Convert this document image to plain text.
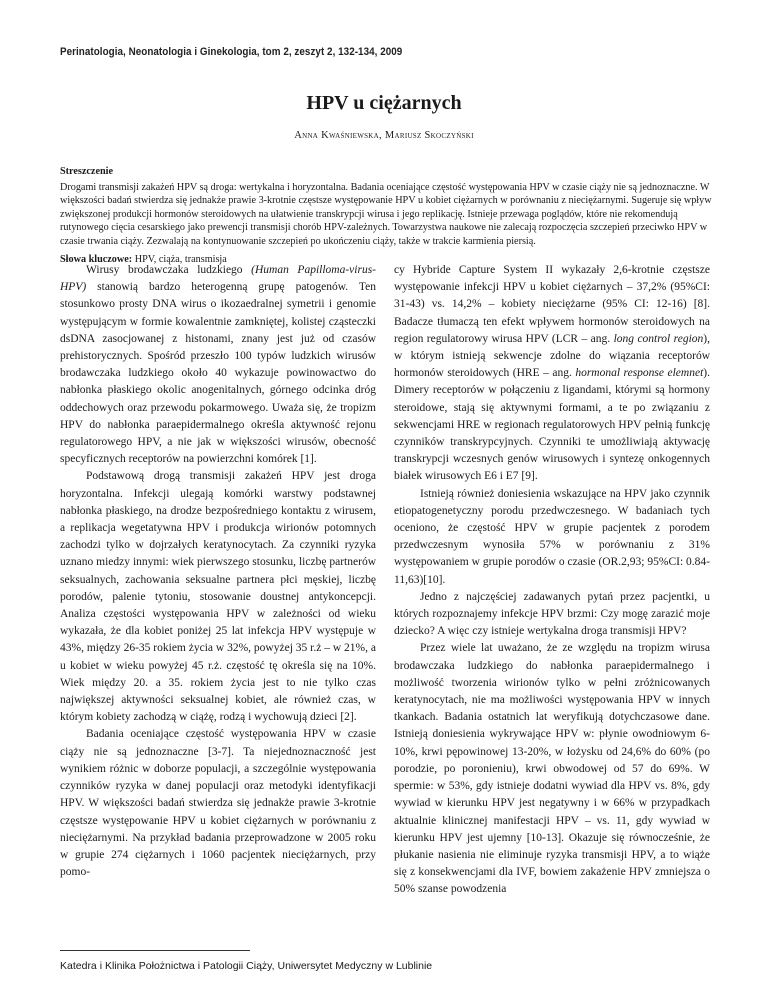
Perinatologia, Neonatologia i Ginekologia, tom 2, zeszyt 2, 132-134, 2009
HPV u ciężarnych
Anna Kwaśniewska, Mariusz Skoczyński
Streszczenie

Drogami transmisji zakażeń HPV są droga: wertykalna i horyzontalna. Badania oceniające częstość występowania HPV w czasie ciąży nie są jednoznaczne. W większości badań stwierdza się jednakże prawie 3-krotnie częstsze występowanie HPV u kobiet ciężarnych w porównaniu z nieciężarnymi. Sugeruje się wpływ zwiększonej produkcji hormonów steroidowych na ułatwienie transkrypcji wirusa i jego replikację. Istnieje przewaga poglądów, które nie rekomendują rutynowego cięcia cesarskiego jako prewencji transmisji chorób HPV-zależnych. Towarzystwa naukowe nie zalecają rozpoczęcia szczepień przeciwko HPV w czasie trwania ciąży. Zezwalają na kontynuowanie szczepień po ukończeniu ciąży, także w trakcie karmienia piersią.

Słowa kluczowe: HPV, ciąża, transmisja

Wirusy brodawczaka ludzkiego (Human Papilloma-virus-HPV) stanowią bardzo heterogenną grupę patogenów. Ten stosunkowo prosty DNA wirus o ikozaedralnej symetrii i genomie występującym w formie kowalentnie zamkniętej, kolistej cząsteczki dsDNA zasocjowanej z histonami, znany jest już od czasów prehistorycznych. Spośród przeszło 100 typów ludzkich wirusów brodawczaka ludzkiego około 40 wykazuje powinowactwo do nabłonka płaskiego okolic anogenitalnych, górnego odcinka dróg oddechowych oraz przewodu pokarmowego. Uważa się, że tropizm HPV do nabłonka paraepidermalnego określa aktywność rejonu regulatorowego HPV, a nie jak w większości wirusów, obecność specyficznych receptorów na powierzchni komórek [1].

Podstawową drogą transmisji zakażeń HPV jest droga horyzontalna. Infekcji ulegają komórki warstwy podstawnej nabłonka płaskiego, na drodze bezpośredniego kontaktu z wirusem, a replikacja wegetatywna HPV i produkcja wirionów potomnych zachodzi tylko w dojrzałych keratynocytach. Za czynniki ryzyka uznano miedzy innymi: wiek pierwszego stosunku, liczbę partnerów seksualnych, zachowania seksualne partnera płci męskiej, liczbę porodów, palenie tytoniu, stosowanie doustnej antykoncepcji. Analiza częstości występowania HPV w zależności od wieku wykazała, że dla kobiet poniżej 25 lat infekcja HPV występuje w 43%, między 26-35 rokiem życia w 32%, powyżej 35 r.ż – w 21%, a u kobiet w wieku powyżej 45 r.ż. częstość tę określa się na 10%. Wiek między 20. a 35. rokiem życia jest to nie tylko czas największej aktywności seksualnej kobiet, ale również czas, w którym kobiety zachodzą w ciążę, rodzą i wychowują dzieci [2].

Badania oceniające częstość występowania HPV w czasie ciąży nie są jednoznaczne [3-7]. Ta niejednoznaczność jest wynikiem różnic w doborze populacji, a szczególnie występowania czynników ryzyka w danej populacji oraz metodyki identyfikacji HPV. W większości badań stwierdza się jednakże prawie 3-krotnie częstsze występowanie HPV u kobiet ciężarnych w porównaniu z nieciężarnymi. Na przykład badania przeprowadzone w 2005 roku w grupie 274 ciężarnych i 1060 pacjentek nieciężarnych, przy pomo-

cy Hybride Capture System II wykazały 2,6-krotnie częstsze występowanie infekcji HPV u kobiet ciężarnych – 37,2% (95%CI: 31-43) vs. 14,2% – kobiety nieciężarne (95% CI: 12-16) [8]. Badacze tłumaczą ten efekt wpływem hormonów steroidowych na region regulatorowy wirusa HPV (LCR – ang. long control region), w którym istnieją sekwencje zdolne do wiązania receptorów hormonów steroidowych (HRE – ang. hormonal response elemnet). Dimery receptorów w połączeniu z ligandami, którymi są hormony steroidowe, stają się aktywnymi formami, a te po związaniu z sekwencjami HRE w regionach regulatorowych HPV pełnią funkcję czynników transkrypcyjnych. Czynniki te umożliwiają aktywację transkrypcji wczesnych genów wirusowych i syntezę onkogennych białek wirusowych E6 i E7 [9].

Istnieją również doniesienia wskazujące na HPV jako czynnik etiopatogenetyczny porodu przedwczesnego. W badaniach tych oceniono, że częstość HPV w grupie pacjentek z porodem przedwczesnym wynosiła 57% w porównaniu z 31% występowaniem w grupie porodów o czasie (OR.2,93; 95%CI: 0.84-11,63)[10].

Jedno z najczęściej zadawanych pytań przez pacjentki, u których rozpoznajemy infekcje HPV brzmi: Czy mogę zarazić moje dziecko? A więc czy istnieje wertykalna droga transmisji HPV?

Przez wiele lat uważano, że ze względu na tropizm wirusa brodawczaka ludzkiego do nabłonka paraepidermalnego i możliwość tworzenia wirionów tylko w pełni zróżnicowanych keratynocytach, nie ma możliwości występowania HPV w innych tkankach. Badania ostatnich lat weryfikują dotychczasowe dane. Istnieją doniesienia wykrywające HPV w: płynie owodniowym 6-10%, krwi pępowinowej 13-20%, w łożysku od 24,6% do 60% (po porodzie, po poronieniu), krwi obwodowej od 57 do 69%. W spermie: w 53%, gdy istnieje dodatni wywiad dla HPV vs. 8%, gdy wywiad w kierunku HPV jest negatywny i w 66% w przypadkach aktualnie klinicznej manifestacji HPV – vs. 11, gdy wywiad w kierunku HPV jest ujemny [10-13]. Okazuje się równocześnie, że płukanie nasienia nie eliminuje ryzyka transmisji HPV, a to wiąże się z konsekwencjami dla IVF, bowiem zakażenie HPV zmniejsza o 50% szanse powodzenia

Katedra i Klinika Położnictwa i Patologii Ciąży, Uniwersytet Medyczny w Lublinie
